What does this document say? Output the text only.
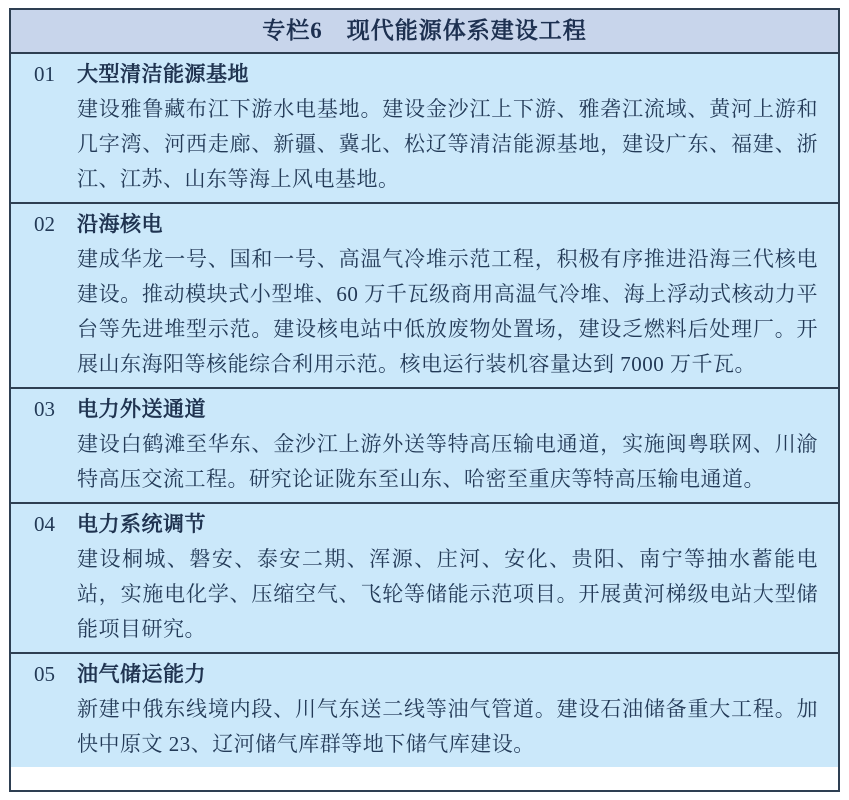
专栏6　现代能源体系建设工程
01	大型清洁能源基地
建设雅鲁藏布江下游水电基地。建设金沙江上下游、雅砻江流域、黄河上游和几字湾、河西走廊、新疆、冀北、松辽等清洁能源基地，建设广东、福建、浙江、江苏、山东等海上风电基地。
02	沿海核电
建成华龙一号、国和一号、高温气冷堆示范工程，积极有序推进沿海三代核电建设。推动模块式小型堆、60 万千瓦级商用高温气冷堆、海上浮动式核动力平台等先进堆型示范。建设核电站中低放废物处置场，建设乏燃料后处理厂。开展山东海阳等核能综合利用示范。核电运行装机容量达到 7000 万千瓦。
03	电力外送通道
建设白鹤滩至华东、金沙江上游外送等特高压输电通道，实施闽粤联网、川渝特高压交流工程。研究论证陇东至山东、哈密至重庆等特高压输电通道。
04	电力系统调节
建设桐城、磐安、泰安二期、浑源、庄河、安化、贵阳、南宁等抽水蓄能电站，实施电化学、压缩空气、飞轮等储能示范项目。开展黄河梯级电站大型储能项目研究。
05	油气储运能力
新建中俄东线境内段、川气东送二线等油气管道。建设石油储备重大工程。加快中原文 23、辽河储气库群等地下储气库建设。
